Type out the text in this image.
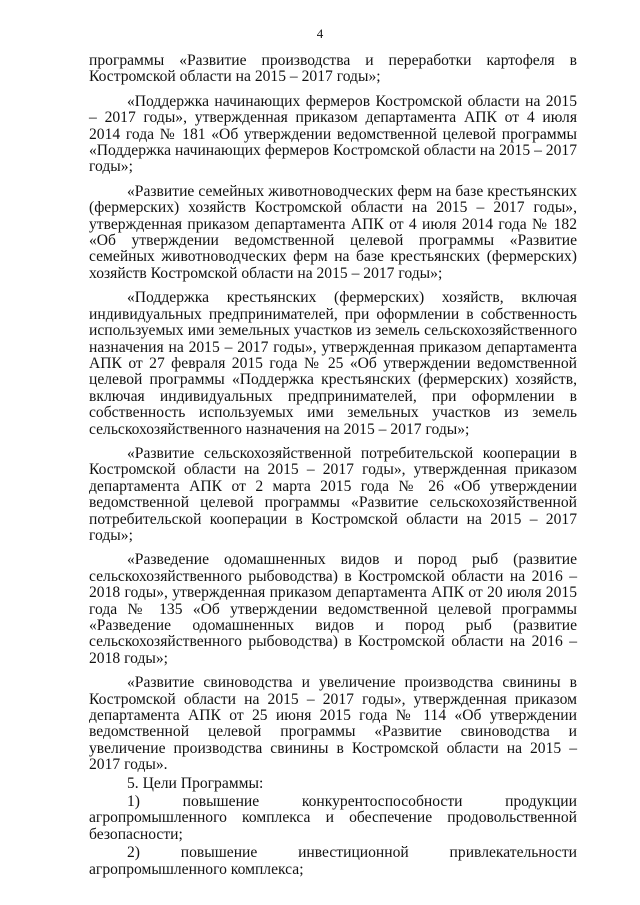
4

программы «Развитие производства и переработки картофеля в Костромской области на 2015 – 2017 годы»;

«Поддержка начинающих фермеров Костромской области на 2015 – 2017 годы», утвержденная приказом департамента АПК от 4 июля 2014 года № 181 «Об утверждении ведомственной целевой программы «Поддержка начинающих фермеров Костромской области на 2015 – 2017 годы»;

«Развитие семейных животноводческих ферм на базе крестьянских (фермерских) хозяйств Костромской области на 2015 – 2017 годы», утвержденная приказом департамента АПК от 4 июля 2014 года № 182 «Об утверждении ведомственной целевой программы «Развитие семейных животноводческих ферм на базе крестьянских (фермерских) хозяйств Костромской области на 2015 – 2017 годы»;

«Поддержка крестьянских (фермерских) хозяйств, включая индивидуальных предпринимателей, при оформлении в собственность используемых ими земельных участков из земель сельскохозяйственного назначения на 2015 – 2017 годы», утвержденная приказом департамента АПК от 27 февраля 2015 года № 25 «Об утверждении ведомственной целевой программы «Поддержка крестьянских (фермерских) хозяйств, включая индивидуальных предпринимателей, при оформлении в собственность используемых ими земельных участков из земель сельскохозяйственного назначения на 2015 – 2017 годы»;

«Развитие сельскохозяйственной потребительской кооперации в Костромской области на 2015 – 2017 годы», утвержденная приказом департамента АПК от 2 марта 2015 года № 26 «Об утверждении ведомственной целевой программы «Развитие сельскохозяйственной потребительской кооперации в Костромской области на 2015 – 2017 годы»;

«Разведение одомашненных видов и пород рыб (развитие сельскохозяйственного рыбоводства) в Костромской области на 2016 – 2018 годы», утвержденная приказом департамента АПК от 20 июля 2015 года № 135 «Об утверждении ведомственной целевой программы «Разведение одомашненных видов и пород рыб (развитие сельскохозяйственного рыбоводства) в Костромской области на 2016 – 2018 годы»;

«Развитие свиноводства и увеличение производства свинины в Костромской области на 2015 – 2017 годы», утвержденная приказом департамента АПК от 25 июня 2015 года № 114 «Об утверждении ведомственной целевой программы «Развитие свиноводства и увеличение производства свинины в Костромской области на 2015 – 2017 годы».

5. Цели Программы:

1) повышение конкурентоспособности продукции агропромышленного комплекса и обеспечение продовольственной безопасности;

2) повышение инвестиционной привлекательности агропромышленного комплекса;
